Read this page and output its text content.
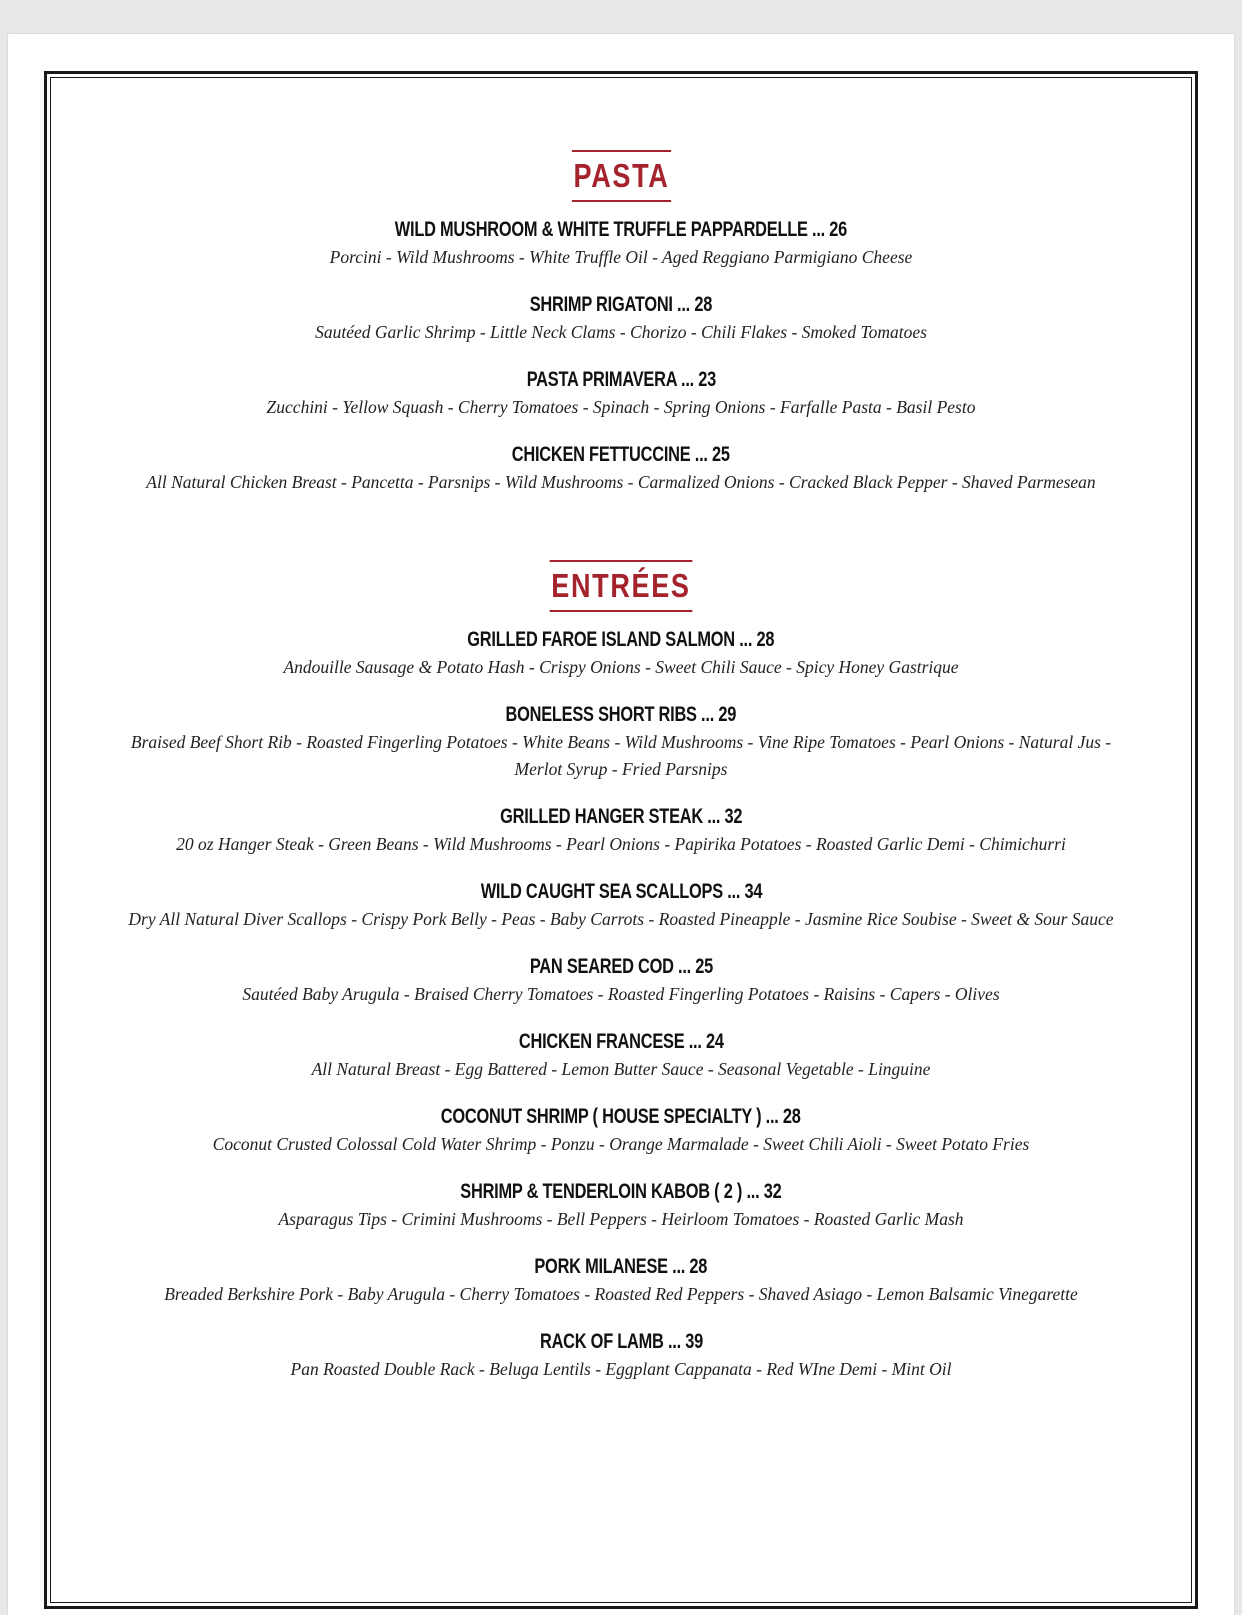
PASTA
WILD MUSHROOM & WHITE TRUFFLE PAPPARDELLE ... 26
Porcini - Wild Mushrooms - White Truffle Oil - Aged Reggiano Parmigiano Cheese
SHRIMP RIGATONI ... 28
Sautéed Garlic Shrimp - Little Neck Clams - Chorizo - Chili Flakes - Smoked Tomatoes
PASTA PRIMAVERA ... 23
Zucchini - Yellow Squash - Cherry Tomatoes - Spinach - Spring Onions - Farfalle Pasta - Basil Pesto
CHICKEN FETTUCCINE ... 25
All Natural Chicken Breast - Pancetta - Parsnips - Wild Mushrooms - Carmalized Onions - Cracked Black Pepper - Shaved Parmesean
ENTRÉES
GRILLED FAROE ISLAND SALMON ... 28
Andouille Sausage & Potato Hash - Crispy Onions - Sweet Chili Sauce - Spicy Honey Gastrique
BONELESS SHORT RIBS ... 29
Braised Beef Short Rib - Roasted Fingerling Potatoes - White Beans - Wild Mushrooms - Vine Ripe Tomatoes - Pearl Onions - Natural Jus - Merlot Syrup - Fried Parsnips
GRILLED HANGER STEAK ... 32
20 oz Hanger Steak - Green Beans - Wild Mushrooms - Pearl Onions - Papirika Potatoes - Roasted Garlic Demi - Chimichurri
WILD CAUGHT SEA SCALLOPS ... 34
Dry All Natural Diver Scallops - Crispy Pork Belly - Peas - Baby Carrots - Roasted Pineapple - Jasmine Rice Soubise - Sweet & Sour Sauce
PAN SEARED COD ... 25
Sautéed Baby Arugula - Braised Cherry Tomatoes - Roasted Fingerling Potatoes - Raisins - Capers - Olives
CHICKEN FRANCESE ... 24
All Natural Breast - Egg Battered - Lemon Butter Sauce - Seasonal Vegetable - Linguine
COCONUT SHRIMP ( HOUSE SPECIALTY ) ... 28
Coconut Crusted Colossal Cold Water Shrimp - Ponzu - Orange Marmalade - Sweet Chili Aioli - Sweet Potato Fries
SHRIMP & TENDERLOIN KABOB ( 2 ) ... 32
Asparagus Tips - Crimini Mushrooms - Bell Peppers - Heirloom Tomatoes - Roasted Garlic Mash
PORK MILANESE ... 28
Breaded Berkshire Pork - Baby Arugula - Cherry Tomatoes - Roasted Red Peppers - Shaved Asiago - Lemon Balsamic Vinegarette
RACK OF LAMB ... 39
Pan Roasted Double Rack - Beluga Lentils - Eggplant Cappanata - Red WIne Demi - Mint Oil
